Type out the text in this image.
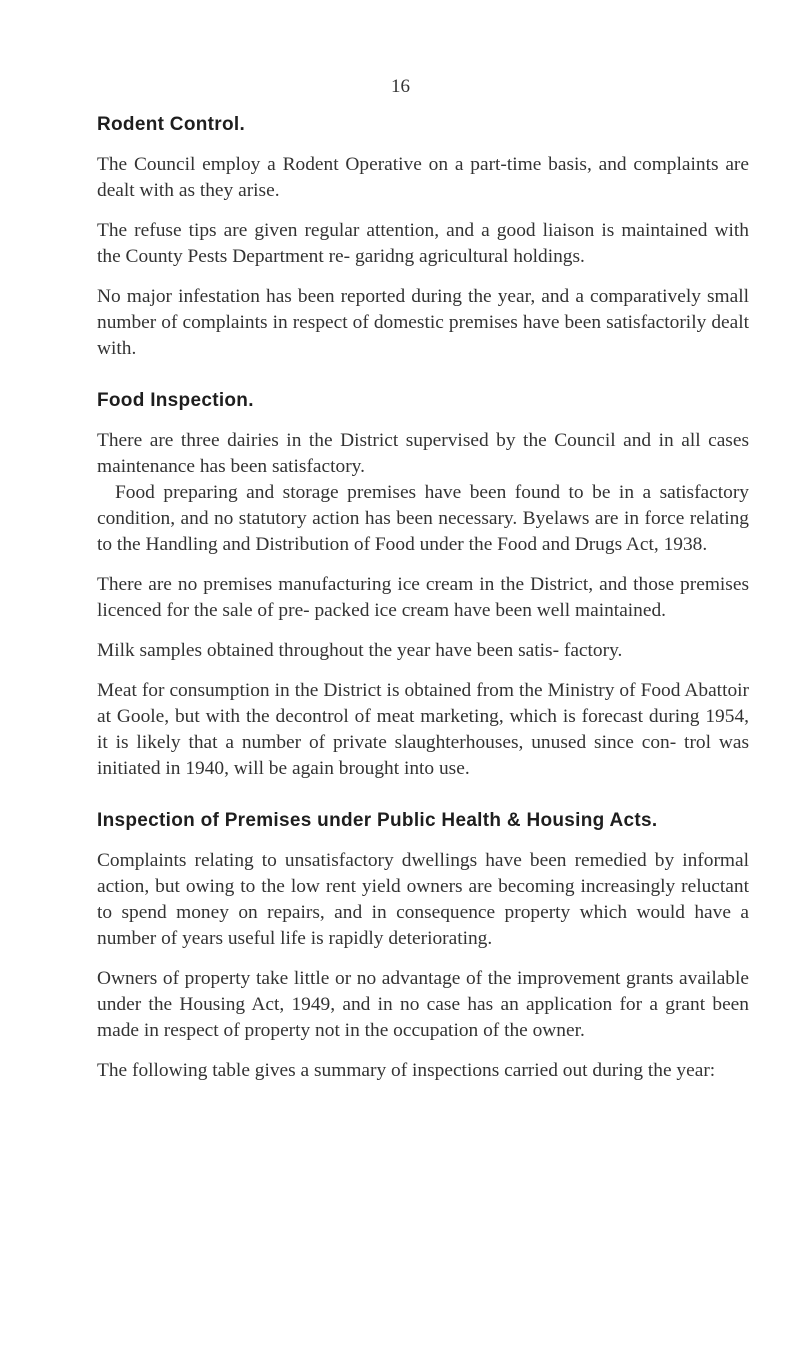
16
Rodent Control.

The Council employ a Rodent Operative on a part-time basis, and complaints are dealt with as they arise.

The refuse tips are given regular attention, and a good liaison is maintained with the County Pests Department re- garidng agricultural holdings.

No major infestation has been reported during the year, and a comparatively small number of complaints in respect of domestic premises have been satisfactorily dealt with.

Food Inspection.

There are three dairies in the District supervised by the Council and in all cases maintenance has been satisfactory.

Food preparing and storage premises have been found to be in a satisfactory condition, and no statutory action has been necessary. Byelaws are in force relating to the Handling and Distribution of Food under the Food and Drugs Act, 1938.

There are no premises manufacturing ice cream in the District, and those premises licenced for the sale of pre- packed ice cream have been well maintained.

Milk samples obtained throughout the year have been satis- factory.

Meat for consumption in the District is obtained from the Ministry of Food Abattoir at Goole, but with the decontrol of meat marketing, which is forecast during 1954, it is likely that a number of private slaughterhouses, unused since con- trol was initiated in 1940, will be again brought into use.

Inspection of Premises under Public Health & Housing Acts.

Complaints relating to unsatisfactory dwellings have been remedied by informal action, but owing to the low rent yield owners are becoming increasingly reluctant to spend money on repairs, and in consequence property which would have a number of years useful life is rapidly deteriorating.

Owners of property take little or no advantage of the improvement grants available under the Housing Act, 1949, and in no case has an application for a grant been made in respect of property not in the occupation of the owner.

The following table gives a summary of inspections carried out during the year:
